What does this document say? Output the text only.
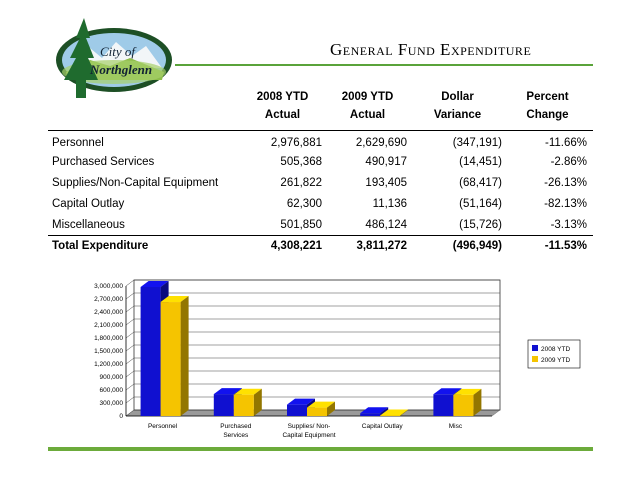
City of
Northglenn
General Fund Expenditure
	2008 YTD	2009 YTD	Dollar	Percent
	Actual	Actual	Variance	Change
Personnel	2,976,881	2,629,690	(347,191)	-11.66%
Purchased Services	505,368	490,917	(14,451)	-2.86%
Supplies/Non-Capital Equipment	261,822	193,405	(68,417)	-26.13%
Capital Outlay	62,300	11,136	(51,164)	-82.13%
Miscellaneous	501,850	486,124	(15,726)	-3.13%
Total Expenditure	4,308,221	3,811,272	(496,949)	-11.53%
0
300,000
600,000
900,000
1,200,000
1,500,000
1,800,000
2,100,000
2,400,000
2,700,000
3,000,000
Personnel	Purchased
Services
Supplies/ Non-
Capital Equipment
Capital Outlay	Misc
2008 YTD
2009 YTD
